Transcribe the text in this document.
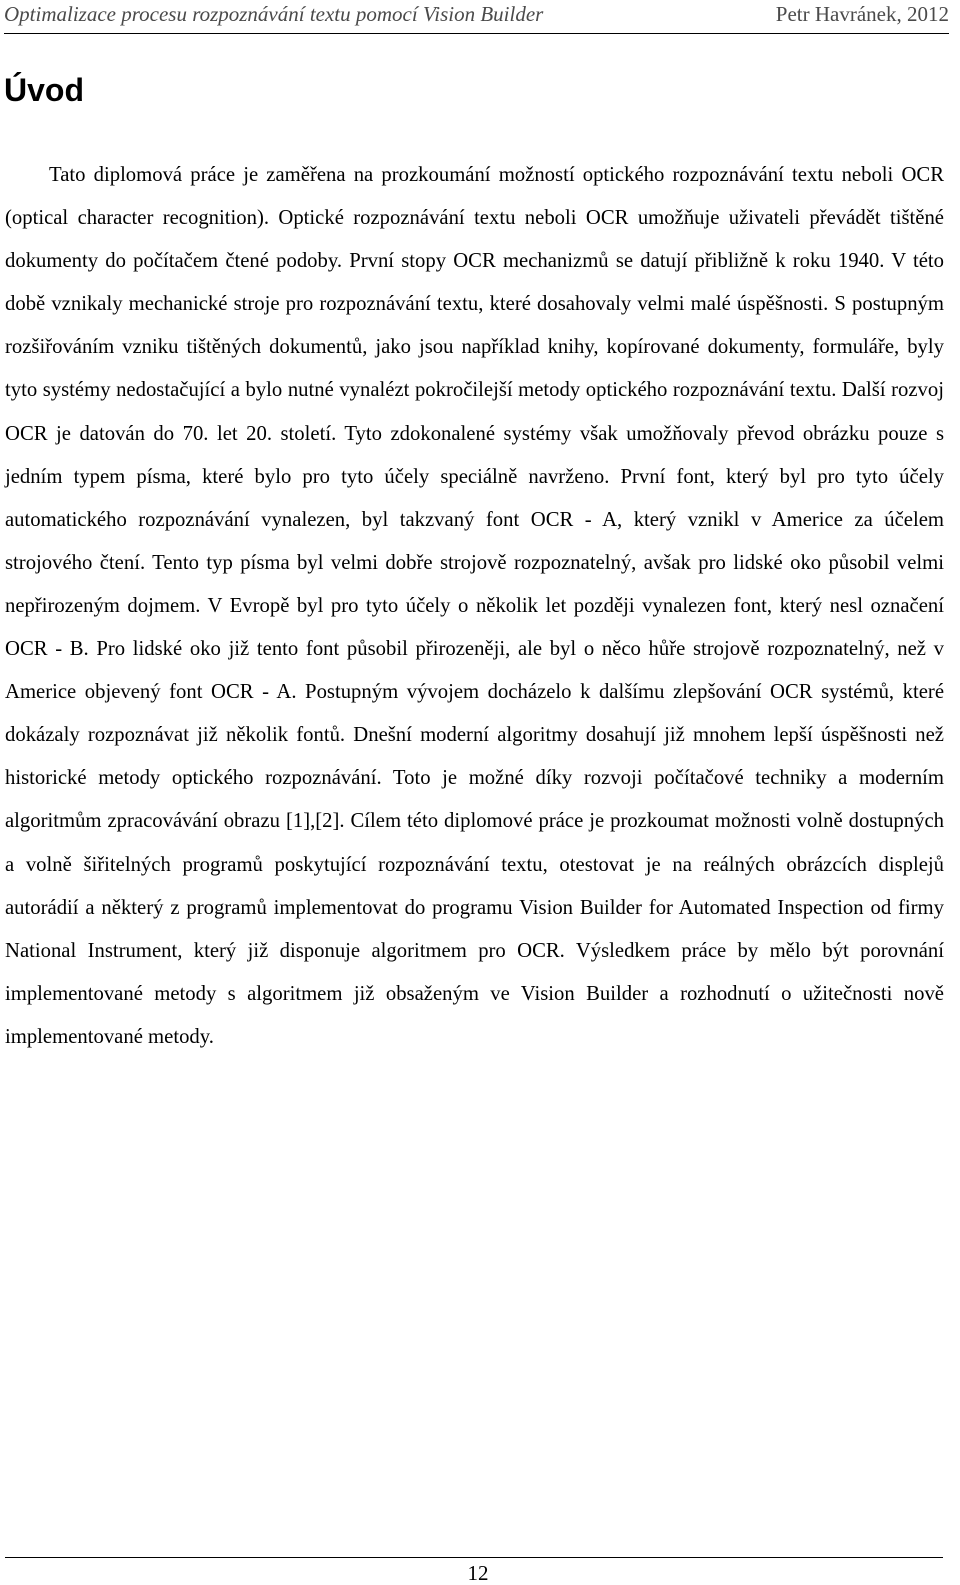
Optimalizace procesu rozpoznávání textu pomocí Vision Builder	Petr Havránek, 2012
Úvod

Tato diplomová práce je zaměřena na prozkoumání možností optického rozpoznávání textu neboli OCR (optical character recognition). Optické rozpoznávání textu neboli OCR umožňuje uživateli převádět tištěné dokumenty do počítačem čtené podoby. První stopy OCR mechanizmů se datují přibližně k roku 1940. V této době vznikaly mechanické stroje pro rozpoznávání textu, které dosahovaly velmi malé úspěšnosti. S postupným rozšiřováním vzniku tištěných dokumentů, jako jsou například knihy, kopírované dokumenty, formuláře, byly tyto systémy nedostačující a bylo nutné vynalézt pokročilejší metody optického rozpoznávání textu. Další rozvoj OCR je datován do 70. let 20. století. Tyto zdokonalené systémy však umožňovaly převod obrázku pouze s jedním typem písma, které bylo pro tyto účely speciálně navrženo. První font, který byl pro tyto účely automatického rozpoznávání vynalezen, byl takzvaný font OCR - A, který vznikl v Americe za účelem strojového čtení. Tento typ písma byl velmi dobře strojově rozpoznatelný, avšak pro lidské oko působil velmi nepřirozeným dojmem. V Evropě byl pro tyto účely o několik let později vynalezen font, který nesl označení OCR - B. Pro lidské oko již tento font působil přirozeněji, ale byl o něco hůře strojově rozpoznatelný, než v Americe objevený font OCR - A. Postupným vývojem docházelo k dalšímu zlepšování OCR systémů, které dokázaly rozpoznávat již několik fontů. Dnešní moderní algoritmy dosahují již mnohem lepší úspěšnosti než historické metody optického rozpoznávání. Toto je možné díky rozvoji počítačové techniky a moderním algoritmům zpracovávání obrazu [1],[2]. Cílem této diplomové práce je prozkoumat možnosti volně dostupných a volně šiřitelných programů poskytující rozpoznávání textu, otestovat je na reálných obrázcích displejů autorádií a některý z programů implementovat do programu Vision Builder for Automated Inspection od firmy National Instrument, který již disponuje algoritmem pro OCR. Výsledkem práce by mělo být porovnání implementované metody s algoritmem již obsaženým ve Vision Builder a rozhodnutí o užitečnosti nově implementované metody.

12
